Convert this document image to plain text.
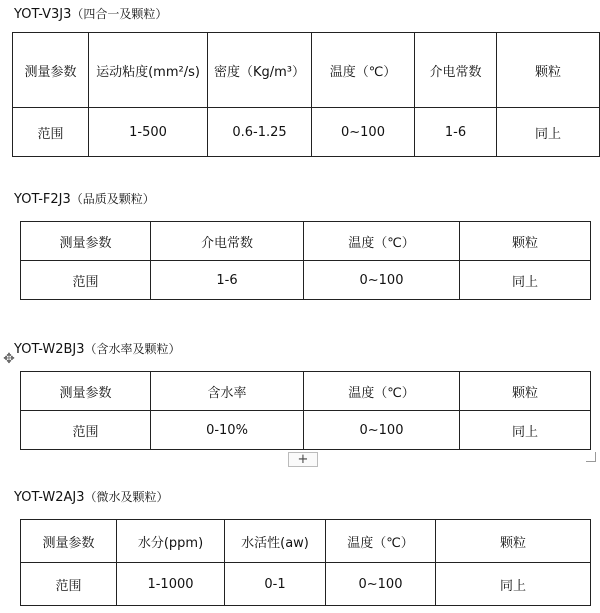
YOT-V3J3（四合一及颗粒）
测量参数	运动粘度(mm²/s)	密度（Kg/m³）	温度（℃）	介电常数	颗粒
范围	1-500	0.6-1.25	0~100	1-6	同上
YOT-F2J3（品质及颗粒）
测量参数	介电常数	温度（℃）	颗粒
范围	1-6	0~100	同上
YOT-W2BJ3（含水率及颗粒）
✥
测量参数	含水率	温度（℃）	颗粒
范围	0-10%	0~100	同上
+
YOT-W2AJ3（微水及颗粒）
测量参数	水分(ppm)	水活性(aw)	温度（℃）	颗粒
范围	1-1000	0-1	0~100	同上
